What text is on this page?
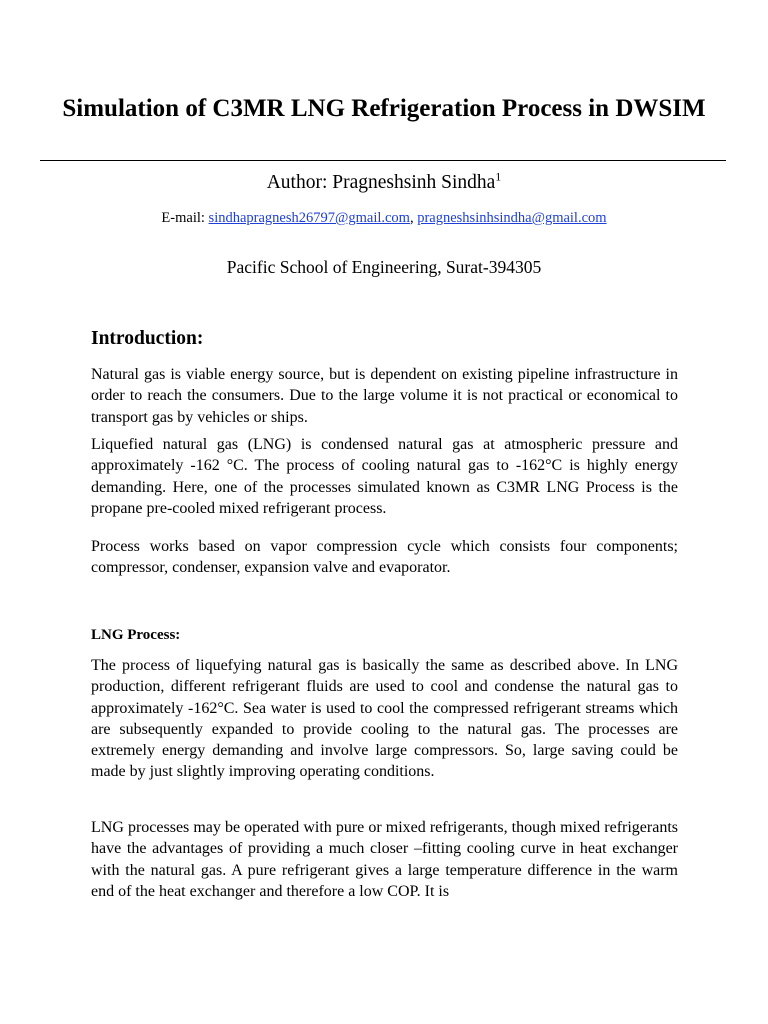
Simulation of C3MR LNG Refrigeration Process in DWSIM
Author: Pragneshsinh Sindha$^1$
E-mail: sindhapragnesh26797@gmail.com, pragneshsinhsindha@gmail.com
Pacific School of Engineering, Surat-394305
Introduction:

Natural gas is viable energy source, but is dependent on existing pipeline infrastructure in order to reach the consumers. Due to the large volume it is not practical or economical to transport gas by vehicles or ships.

Liquefied natural gas (LNG) is condensed natural gas at atmospheric pressure and approximately -162 °C. The process of cooling natural gas to -162°C is highly energy demanding. Here, one of the processes simulated known as C3MR LNG Process is the propane pre-cooled mixed refrigerant process.

Process works based on vapor compression cycle which consists four components; compressor, condenser, expansion valve and evaporator.

LNG Process:

The process of liquefying natural gas is basically the same as described above. In LNG production, different refrigerant fluids are used to cool and condense the natural gas to approximately -162°C. Sea water is used to cool the compressed refrigerant streams which are subsequently expanded to provide cooling to the natural gas. The processes are extremely energy demanding and involve large compressors. So, large saving could be made by just slightly improving operating conditions.

LNG processes may be operated with pure or mixed refrigerants, though mixed refrigerants have the advantages of providing a much closer –fitting cooling curve in heat exchanger with the natural gas. A pure refrigerant gives a large temperature difference in the warm end of the heat exchanger and therefore a low COP. It is
